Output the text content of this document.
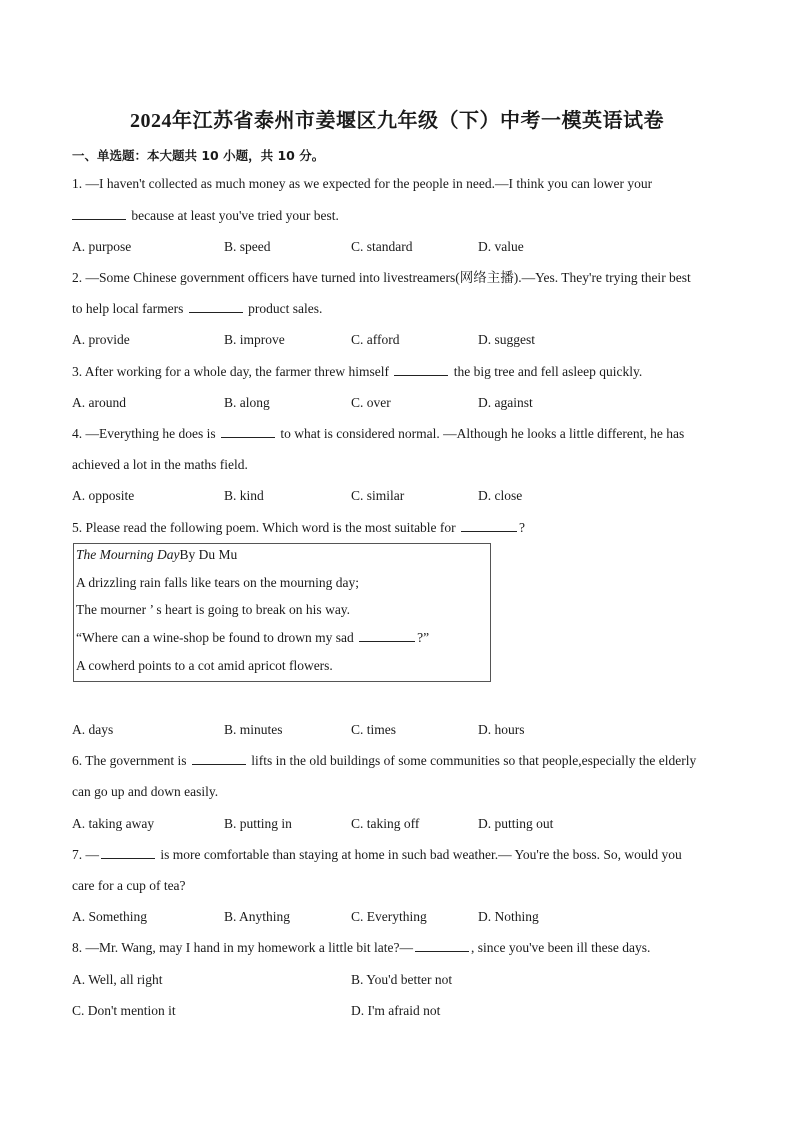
2024年江苏省泰州市姜堰区九年级（下）中考一模英语试卷
一、单选题：本大题共 10 小题，共 10 分。
1. —I haven't collected as much money as we expected for the people in need.—I think you can lower your
because at least you've tried your best.
A. purpose	B. speed	C. standard	D. value
2. —Some Chinese government officers have turned into livestreamers(网络主播).—Yes. They're trying their best
to help local farmers	product sales.
A. provide	B. improve	C. afford	D. suggest
3. After working for a whole day, the farmer threw himself	the big tree and fell asleep quickly.
A. around	B. along	C. over	D. against
4. —Everything he does is	to what is considered normal. —Although he looks a little different, he has
achieved a lot in the maths field.
A. opposite	B. kind	C. similar	D. close
5. Please read the following poem. Which word is the most suitable for	?
The Mourning DayBy Du Mu
A drizzling rain falls like tears on the mourning day;
The mourner ’ s heart is going to break on his way.
“Where can a wine-shop be found to drown my sad	?”
A cowherd points to a cot amid apricot flowers.
A. days	B. minutes	C. times	D. hours
6. The government is	lifts in the old buildings of some communities so that people,especially the elderly
can go up and down easily.
A. taking away	B. putting in	C. taking off	D. putting out
7. —	is more comfortable than staying at home in such bad weather.— You're the boss. So, would you
care for a cup of tea?
A. Something	B. Anything	C. Everything	D. Nothing
8. —Mr. Wang, may I hand in my homework a little bit late?—	, since you've been ill these days.
A. Well, all right	B. You'd better not
C. Don't mention it	D. I'm afraid not
